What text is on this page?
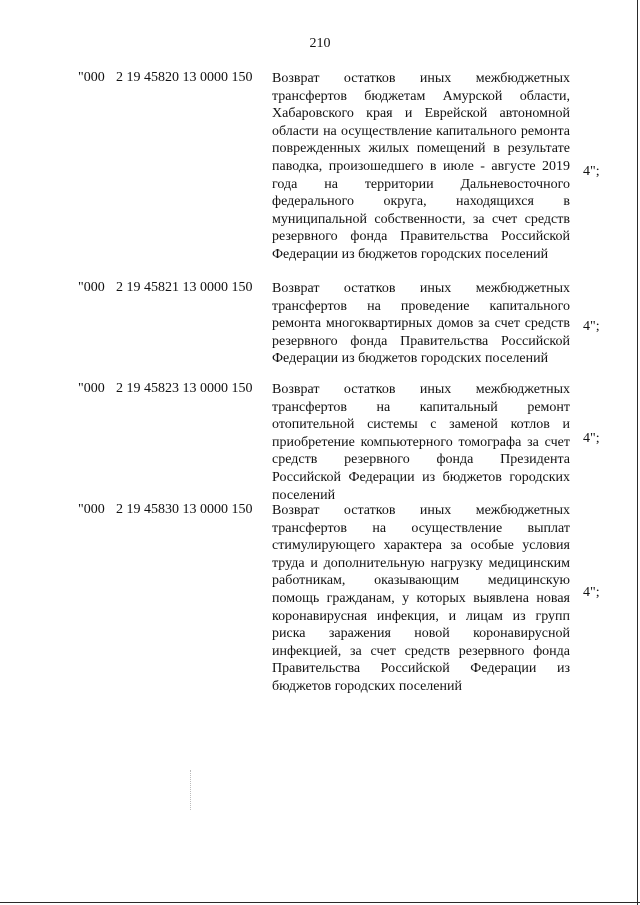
210
"000 2 19 45820 13 0000 150 Возврат остатков иных межбюджетных трансфертов бюджетам Амурской области, Хабаровского края и Еврейской автономной области на осуществление капитального ремонта поврежденных жилых помещений в результате паводка, произошедшего в июле - августе 2019 года на территории Дальневосточного федерального округа, находящихся в муниципальной собственности, за счет средств резервного фонда Правительства Российской Федерации из бюджетов городских поселений
4";
"000 2 19 45821 13 0000 150 Возврат остатков иных межбюджетных трансфертов на проведение капитального ремонта многоквартирных домов за счет средств резервного фонда Правительства Российской Федерации из бюджетов городских поселений
4";
"000 2 19 45823 13 0000 150 Возврат остатков иных межбюджетных трансфертов на капитальный ремонт отопительной системы с заменой котлов и приобретение компьютерного томографа за счет средств резервного фонда Президента Российской Федерации из бюджетов городских поселений
4";
"000 2 19 45830 13 0000 150 Возврат остатков иных межбюджетных трансфертов на осуществление выплат стимулирующего характера за особые условия труда и дополнительную нагрузку медицинским работникам, оказывающим медицинскую помощь гражданам, у которых выявлена новая коронавирусная инфекция, и лицам из групп риска заражения новой коронавирусной инфекцией, за счет средств резервного фонда Правительства Российской Федерации из бюджетов городских поселений
4";
